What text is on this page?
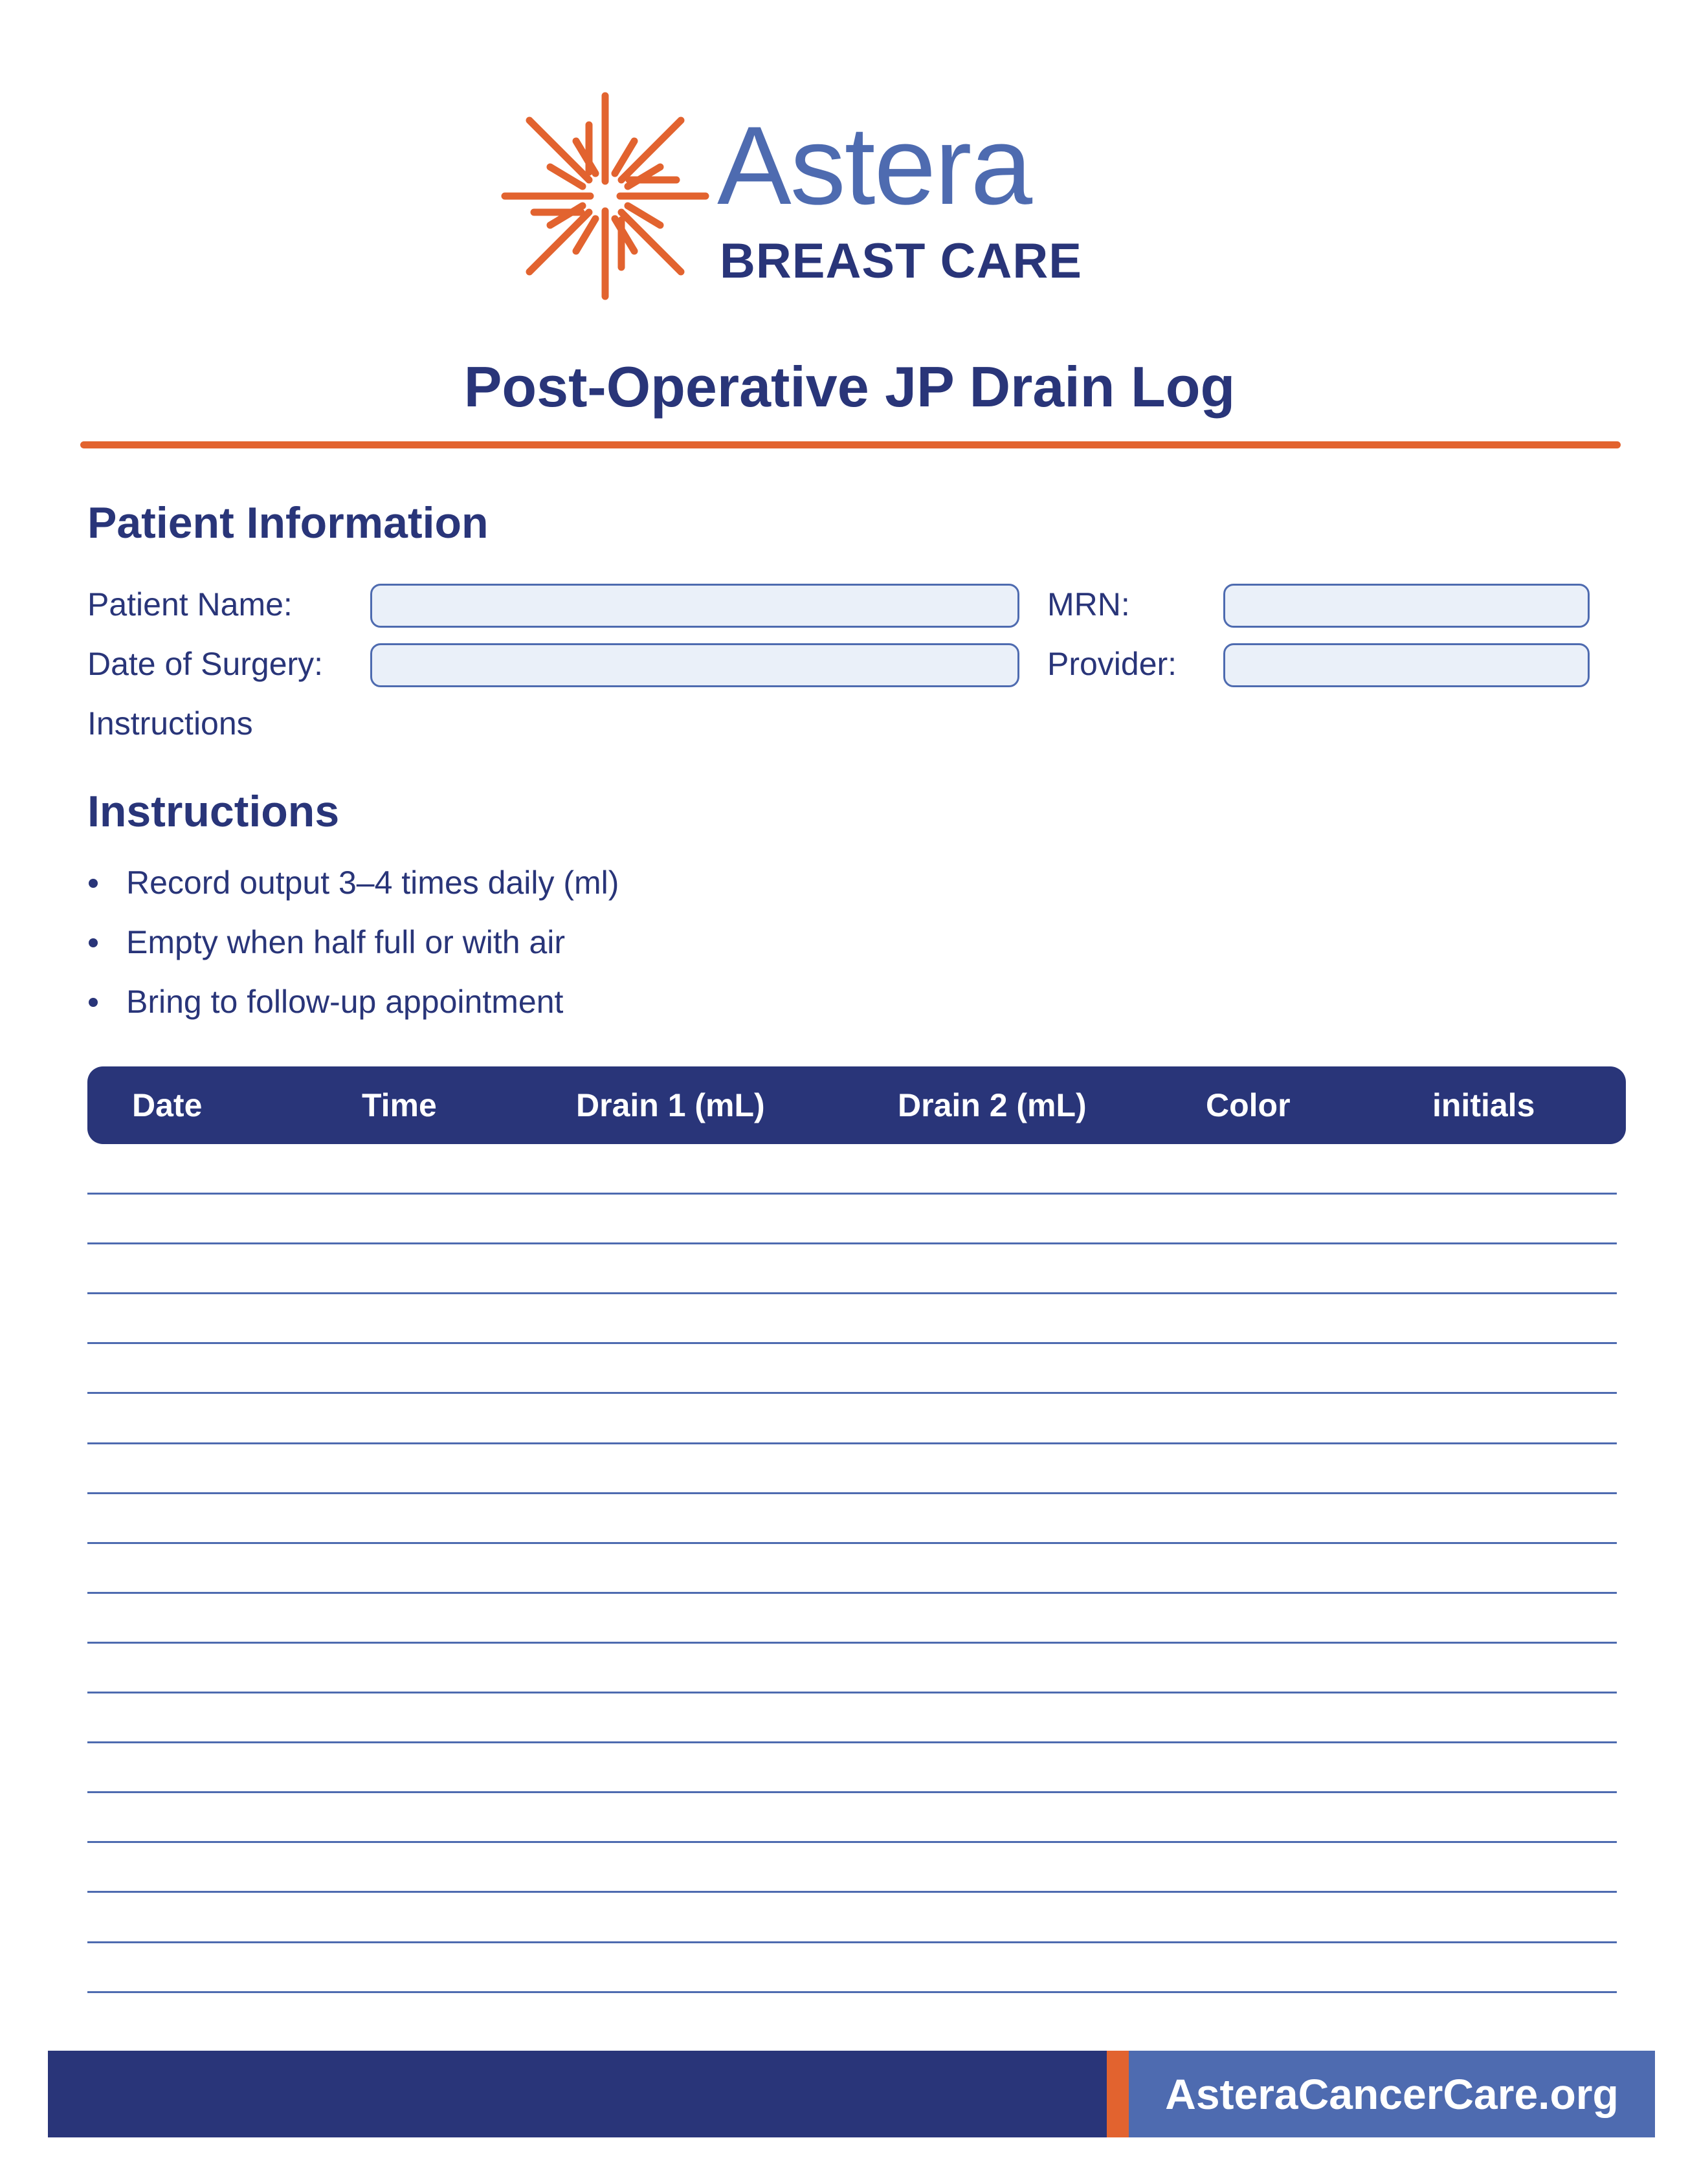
Astera
BREAST CARE
Post-Operative JP Drain Log
Patient Information
Patient Name:	MRN:
Date of Surgery:	Provider:
Instructions
Instructions
Record output 3–4 times daily (ml)
Empty when half full or with air
Bring to follow-up appointment
Date	Time	Drain 1 (mL)	Drain 2 (mL)	Color	initials
AsteraCancerCare.org
